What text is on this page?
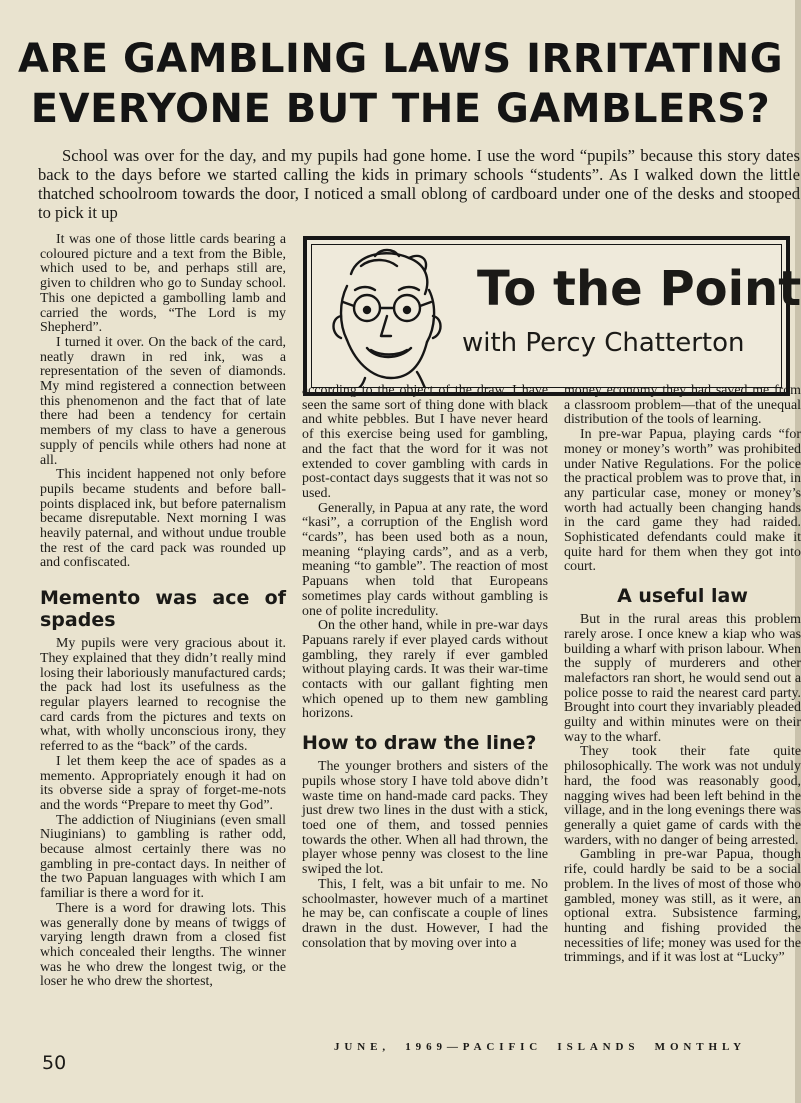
ARE GAMBLING LAWS IRRITATING
EVERYONE BUT THE GAMBLERS?
School was over for the day, and my pupils had gone home. I use the word “pupils” because this story dates back to the days before we started calling the kids in primary schools “students”. As I walked down the little thatched schoolroom towards the door, I noticed a small oblong of cardboard under one of the desks and stooped to pick it up

It was one of those little cards bearing a coloured picture and a text from the Bible, which used to be, and perhaps still are, given to children who go to Sunday school. This one depicted a gambolling lamb and carried the words, “The Lord is my Shepherd”.

I turned it over. On the back of the card, neatly drawn in red ink, was a representation of the seven of diamonds. My mind registered a connection between this phenomenon and the fact that of late there had been a tendency for certain members of my class to have a generous supply of pencils while others had none at all.

This incident happened not only before pupils became students and before ball-points displaced ink, but before paternalism became disreputable. Next morning I was heavily paternal, and without undue trouble the rest of the card pack was rounded up and confiscated.

Memento was ace of spades

My pupils were very gracious about it. They explained that they didn’t really mind losing their laboriously manufactured cards; the pack had lost its usefulness as the regular players learned to recognise the card cards from the pictures and texts on what, with wholly unconscious irony, they referred to as the “back” of the cards.

I let them keep the ace of spades as a memento. Appropriately enough it had on its obverse side a spray of forget-me-nots and the words “Prepare to meet thy God”.

The addiction of Niuginians (even small Niuginians) to gambling is rather odd, because almost certainly there was no gambling in pre-contact days. In neither of the two Papuan languages with which I am familiar is there a word for it.

There is a word for drawing lots. This was generally done by means of twiggs of varying length drawn from a closed fist which concealed their lengths. The winner was he who drew the longest twig, or the loser he who drew the shortest,

To the Point
with Percy Chatterton

according to the object of the draw. I have seen the same sort of thing done with black and white pebbles. But I have never heard of this exercise being used for gambling, and the fact that the word for it was not extended to cover gambling with cards in post-contact days suggests that it was not so used.

Generally, in Papua at any rate, the word “kasi”, a corruption of the English word “cards”, has been used both as a noun, meaning “playing cards”, and as a verb, meaning “to gamble”. The reaction of most Papuans when told that Europeans sometimes play cards without gambling is one of polite incredulity.

On the other hand, while in pre-war days Papuans rarely if ever played cards without gambling, they rarely if ever gambled without playing cards. It was their war-time contacts with our gallant fighting men which opened up to them new gambling horizons.

How to draw the line?

The younger brothers and sisters of the pupils whose story I have told above didn’t waste time on hand-made card packs. They just drew two lines in the dust with a stick, toed one of them, and tossed pennies towards the other. When all had thrown, the player whose penny was closest to the line swiped the lot.

This, I felt, was a bit unfair to me. No schoolmaster, however much of a martinet he may be, can confiscate a couple of lines drawn in the dust. However, I had the consolation that by moving over into a

money economy they had saved me from a classroom problem—that of the unequal distribution of the tools of learning.

In pre-war Papua, playing cards “for money or money’s worth” was prohibited under Native Regulations. For the police the practical problem was to prove that, in any particular case, money or money’s worth had actually been changing hands in the card game they had raided. Sophisticated defendants could make it quite hard for them when they got into court.

A useful law

But in the rural areas this problem rarely arose. I once knew a kiap who was building a wharf with prison labour. When the supply of murderers and other malefactors ran short, he would send out a police posse to raid the nearest card party. Brought into court they invariably pleaded guilty and within minutes were on their way to the wharf.

They took their fate quite philosophically. The work was not unduly hard, the food was reasonably good, nagging wives had been left behind in the village, and in the long evenings there was generally a quiet game of cards with the warders, with no danger of being arrested.

Gambling in pre-war Papua, though rife, could hardly be said to be a social problem. In the lives of most of those who gambled, money was still, as it were, an optional extra. Subsistence farming, hunting and fishing provided the necessities of life; money was used for the trimmings, and if it was lost at “Lucky”

50
JUNE,  1969—PACIFIC  ISLANDS  MONTHLY
